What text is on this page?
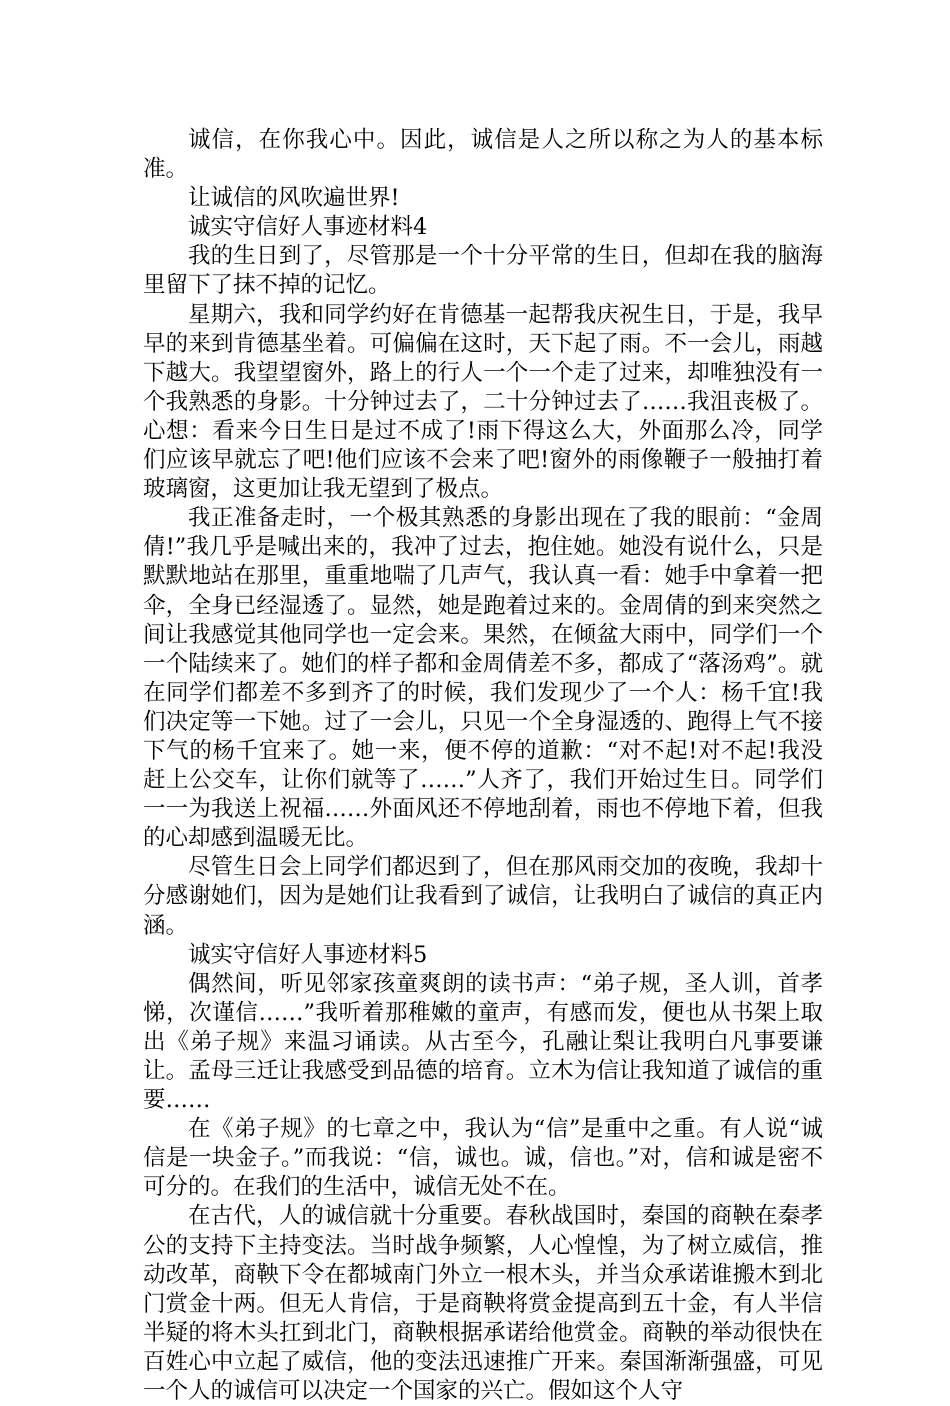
诚信，在你我心中。因此，诚信是人之所以称之为人的基本标准。

让诚信的风吹遍世界!

诚实守信好人事迹材料4

我的生日到了，尽管那是一个十分平常的生日，但却在我的脑海里留下了抹不掉的记忆。

星期六，我和同学约好在肯德基一起帮我庆祝生日，于是，我早早的来到肯德基坐着。可偏偏在这时，天下起了雨。不一会儿，雨越下越大。我望望窗外，路上的行人一个一个走了过来，却唯独没有一个我熟悉的身影。十分钟过去了，二十分钟过去了……我沮丧极了。心想：看来今日生日是过不成了!雨下得这么大，外面那么冷，同学们应该早就忘了吧!他们应该不会来了吧!窗外的雨像鞭子一般抽打着玻璃窗，这更加让我无望到了极点。

我正准备走时，一个极其熟悉的身影出现在了我的眼前：“金周倩!”我几乎是喊出来的，我冲了过去，抱住她。她没有说什么，只是默默地站在那里，重重地喘了几声气，我认真一看：她手中拿着一把伞，全身已经湿透了。显然，她是跑着过来的。金周倩的到来突然之间让我感觉其他同学也一定会来。果然，在倾盆大雨中，同学们一个一个陆续来了。她们的样子都和金周倩差不多，都成了“落汤鸡”。就在同学们都差不多到齐了的时候，我们发现少了一个人：杨千宜!我们决定等一下她。过了一会儿，只见一个全身湿透的、跑得上气不接下气的杨千宜来了。她一来，便不停的道歉：“对不起!对不起!我没赶上公交车，让你们就等了……”人齐了，我们开始过生日。同学们一一为我送上祝福……外面风还不停地刮着，雨也不停地下着，但我的心却感到温暖无比。

尽管生日会上同学们都迟到了，但在那风雨交加的夜晚，我却十分感谢她们，因为是她们让我看到了诚信，让我明白了诚信的真正内涵。

诚实守信好人事迹材料5

偶然间，听见邻家孩童爽朗的读书声：“弟子规，圣人训，首孝悌，次谨信……”我听着那稚嫩的童声，有感而发，便也从书架上取出《弟子规》来温习诵读。从古至今，孔融让梨让我明白凡事要谦让。孟母三迁让我感受到品德的培育。立木为信让我知道了诚信的重要……

在《弟子规》的七章之中，我认为“信”是重中之重。有人说“诚信是一块金子。”而我说：“信，诚也。诚，信也。”对，信和诚是密不可分的。在我们的生活中，诚信无处不在。

在古代，人的诚信就十分重要。春秋战国时，秦国的商鞅在秦孝公的支持下主持变法。当时战争频繁，人心惶惶，为了树立威信，推动改革，商鞅下令在都城南门外立一根木头，并当众承诺谁搬木到北门赏金十两。但无人肯信，于是商鞅将赏金提高到五十金，有人半信半疑的将木头扛到北门，商鞅根据承诺给他赏金。商鞅的举动很快在百姓心中立起了威信，他的变法迅速推广开来。秦国渐渐强盛，可见一个人的诚信可以决定一个国家的兴亡。假如这个人守
